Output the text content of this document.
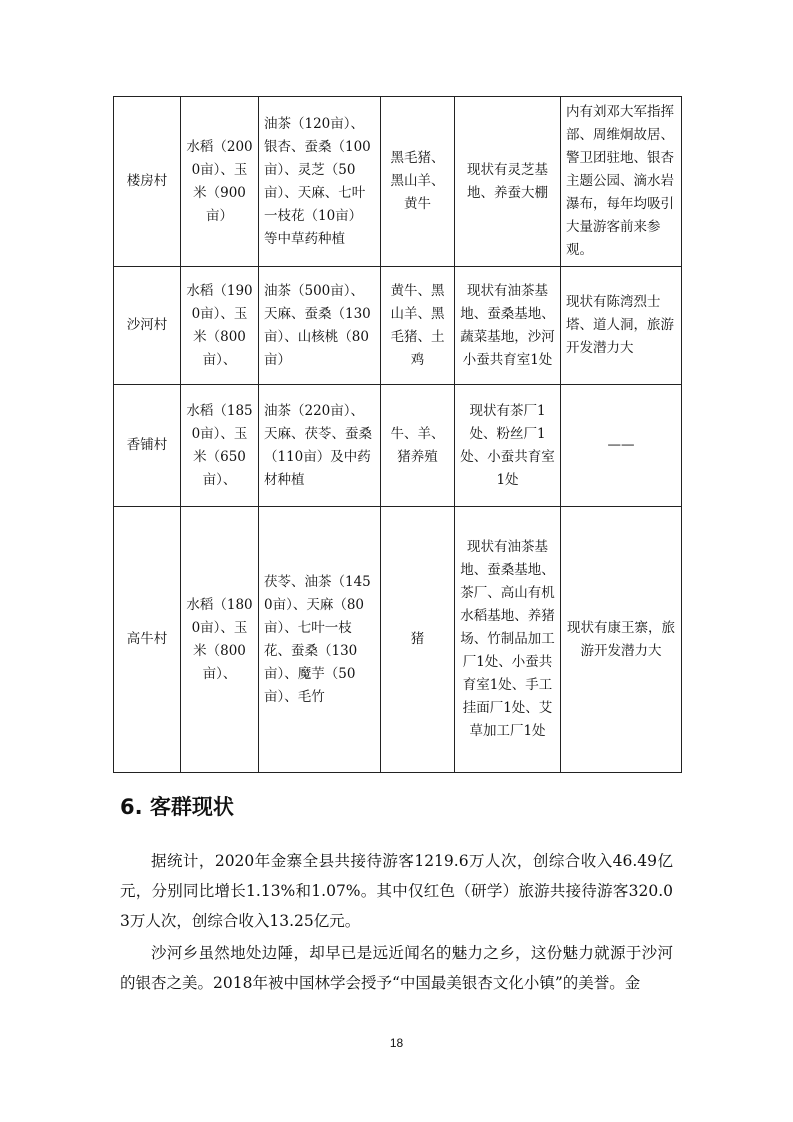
楼房村	水稻（2000亩）、玉米（900亩）	油茶（120亩）、银杏、蚕桑（100亩）、灵芝（50亩）、天麻、七叶一枝花（10亩）等中草药种植	黑毛猪、黑山羊、黄牛	现状有灵芝基地、养蚕大棚	内有刘邓大军指挥部、周维炯故居、警卫团驻地、银杏主题公园、滴水岩瀑布，每年均吸引大量游客前来参观。
沙河村	水稻（1900亩）、玉米（800亩）、	油茶（500亩）、天麻、蚕桑（130亩）、山核桃（80亩）	黄牛、黑山羊、黑毛猪、土鸡	现状有油茶基地、蚕桑基地、蔬菜基地，沙河小蚕共育室1处	现状有陈湾烈士塔、道人洞，旅游开发潜力大
香铺村	水稻（1850亩）、玉米（650亩）、	油茶（220亩）、天麻、茯苓、蚕桑（110亩）及中药材种植	牛、羊、猪养殖	现状有茶厂1处、粉丝厂1处、小蚕共育室1处	——
高牛村	水稻（1800亩）、玉米（800亩）、	茯苓、油茶（1450亩）、天麻（80亩）、七叶一枝花、蚕桑（130亩）、魔芋（50亩）、毛竹	猪	现状有油茶基地、蚕桑基地、茶厂、高山有机水稻基地、养猪场、竹制品加工厂1处、小蚕共育室1处、手工挂面厂1处、艾草加工厂1处	现状有康王寨，旅游开发潜力大
6. 客群现状

据统计，2020年金寨全县共接待游客1219.6万人次，创综合收入46.49亿元，分别同比增长1.13%和1.07%。其中仅红色（研学）旅游共接待游客320.03万人次，创综合收入13.25亿元。

沙河乡虽然地处边陲，却早已是远近闻名的魅力之乡，这份魅力就源于沙河的银杏之美。2018年被中国林学会授予“中国最美银杏文化小镇”的美誉。金

18
